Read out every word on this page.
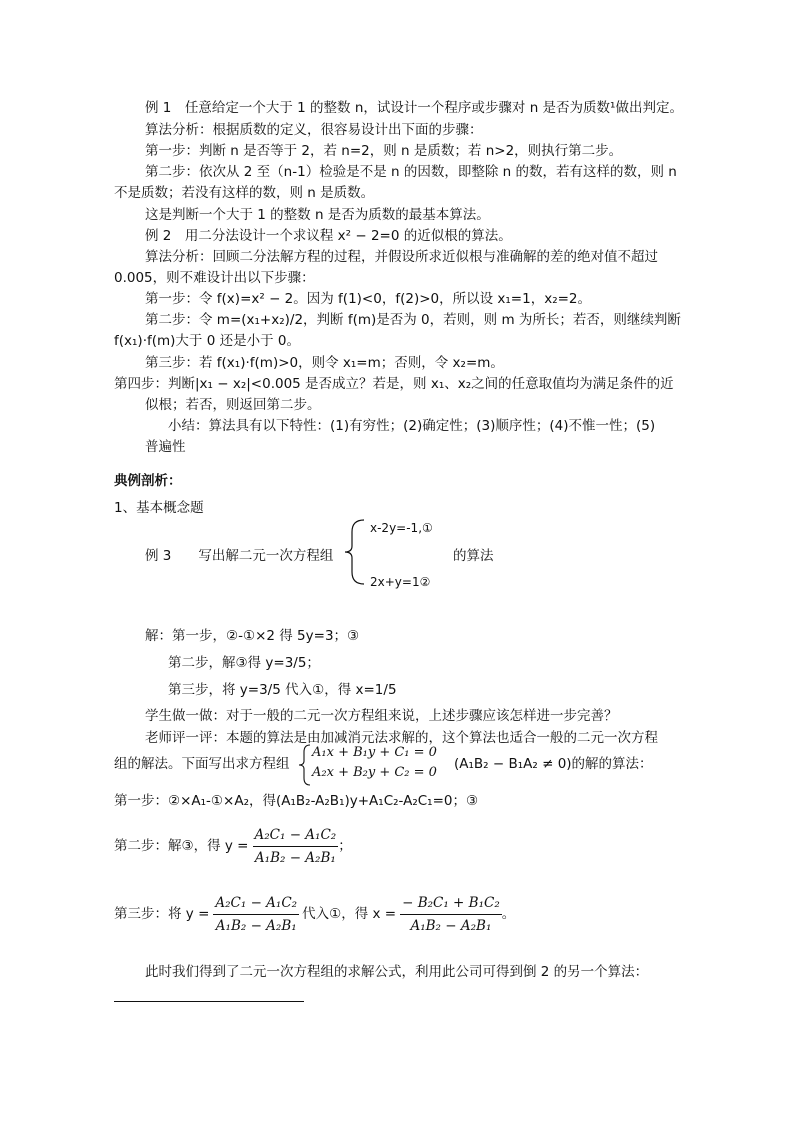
例 1　任意给定一个大于 1 的整数 n，试设计一个程序或步骤对 n 是否为质数¹做出判定。
算法分析：根据质数的定义，很容易设计出下面的步骤：
第一步：判断 n 是否等于 2，若 n=2，则 n 是质数；若 n>2，则执行第二步。
第二步：依次从 2 至（n-1）检验是不是 n 的因数，即整除 n 的数，若有这样的数，则 n
不是质数；若没有这样的数，则 n 是质数。
这是判断一个大于 1 的整数 n 是否为质数的最基本算法。
例 2　用二分法设计一个求议程 x² − 2=0 的近似根的算法。
算法分析：回顾二分法解方程的过程，并假设所求近似根与准确解的差的绝对值不超过
0.005，则不难设计出以下步骤：
第一步：令 f(x)=x² − 2。因为 f(1)<0，f(2)>0，所以设 x₁=1，x₂=2。
第二步：令 m=(x₁+x₂)/2，判断 f(m)是否为 0，若则，则 m 为所长；若否，则继续判断
f(x₁)·f(m)大于 0 还是小于 0。
第三步：若 f(x₁)·f(m)>0，则令 x₁=m；否则，令 x₂=m。
第四步：判断|x₁ − x₂|<0.005 是否成立？若是，则 x₁、x₂之间的任意取值均为满足条件的近
似根；若否，则返回第二步。
小结：算法具有以下特性：(1)有穷性；(2)确定性；(3)顺序性；(4)不惟一性；(5)
普遍性
典例剖析：
1、基本概念题
例 3　　写出解二元一次方程组
x-2y=-1,①
2x+y=1②
的算法
解：第一步，②-①×2 得 5y=3；③
第二步，解③得 y=3/5；
第三步，将 y=3/5 代入①，得 x=1/5
学生做一做：对于一般的二元一次方程组来说，上述步骤应该怎样进一步完善？
老师评一评：本题的算法是由加减消元法求解的，这个算法也适合一般的二元一次方程
组的解法。下面写出求方程组
A₁x + B₁y + C₁ = 0
A₂x + B₂y + C₂ = 0
(A₁B₂ − B₁A₂ ≠ 0)的解的算法：
第一步：②×A₁-①×A₂，得(A₁B₂-A₂B₁)y+A₁C₂-A₂C₁=0；③
第二步：解③，得 $y = \frac{\text{A₂C₁ − A₁C₂}}{\text{A₁B₂ − A₂B₁}}$ ；
第三步：将 $y = \frac{\text{A₂C₁ − A₁C₂}}{\text{A₁B₂ − A₂B₁}}$ 代入①，得 $x = \frac{\text{− B₂C₁ + B₁C₂}}{\text{A₁B₂ − A₂B₁}}$ 。
此时我们得到了二元一次方程组的求解公式，利用此公司可得到倒 2 的另一个算法：
